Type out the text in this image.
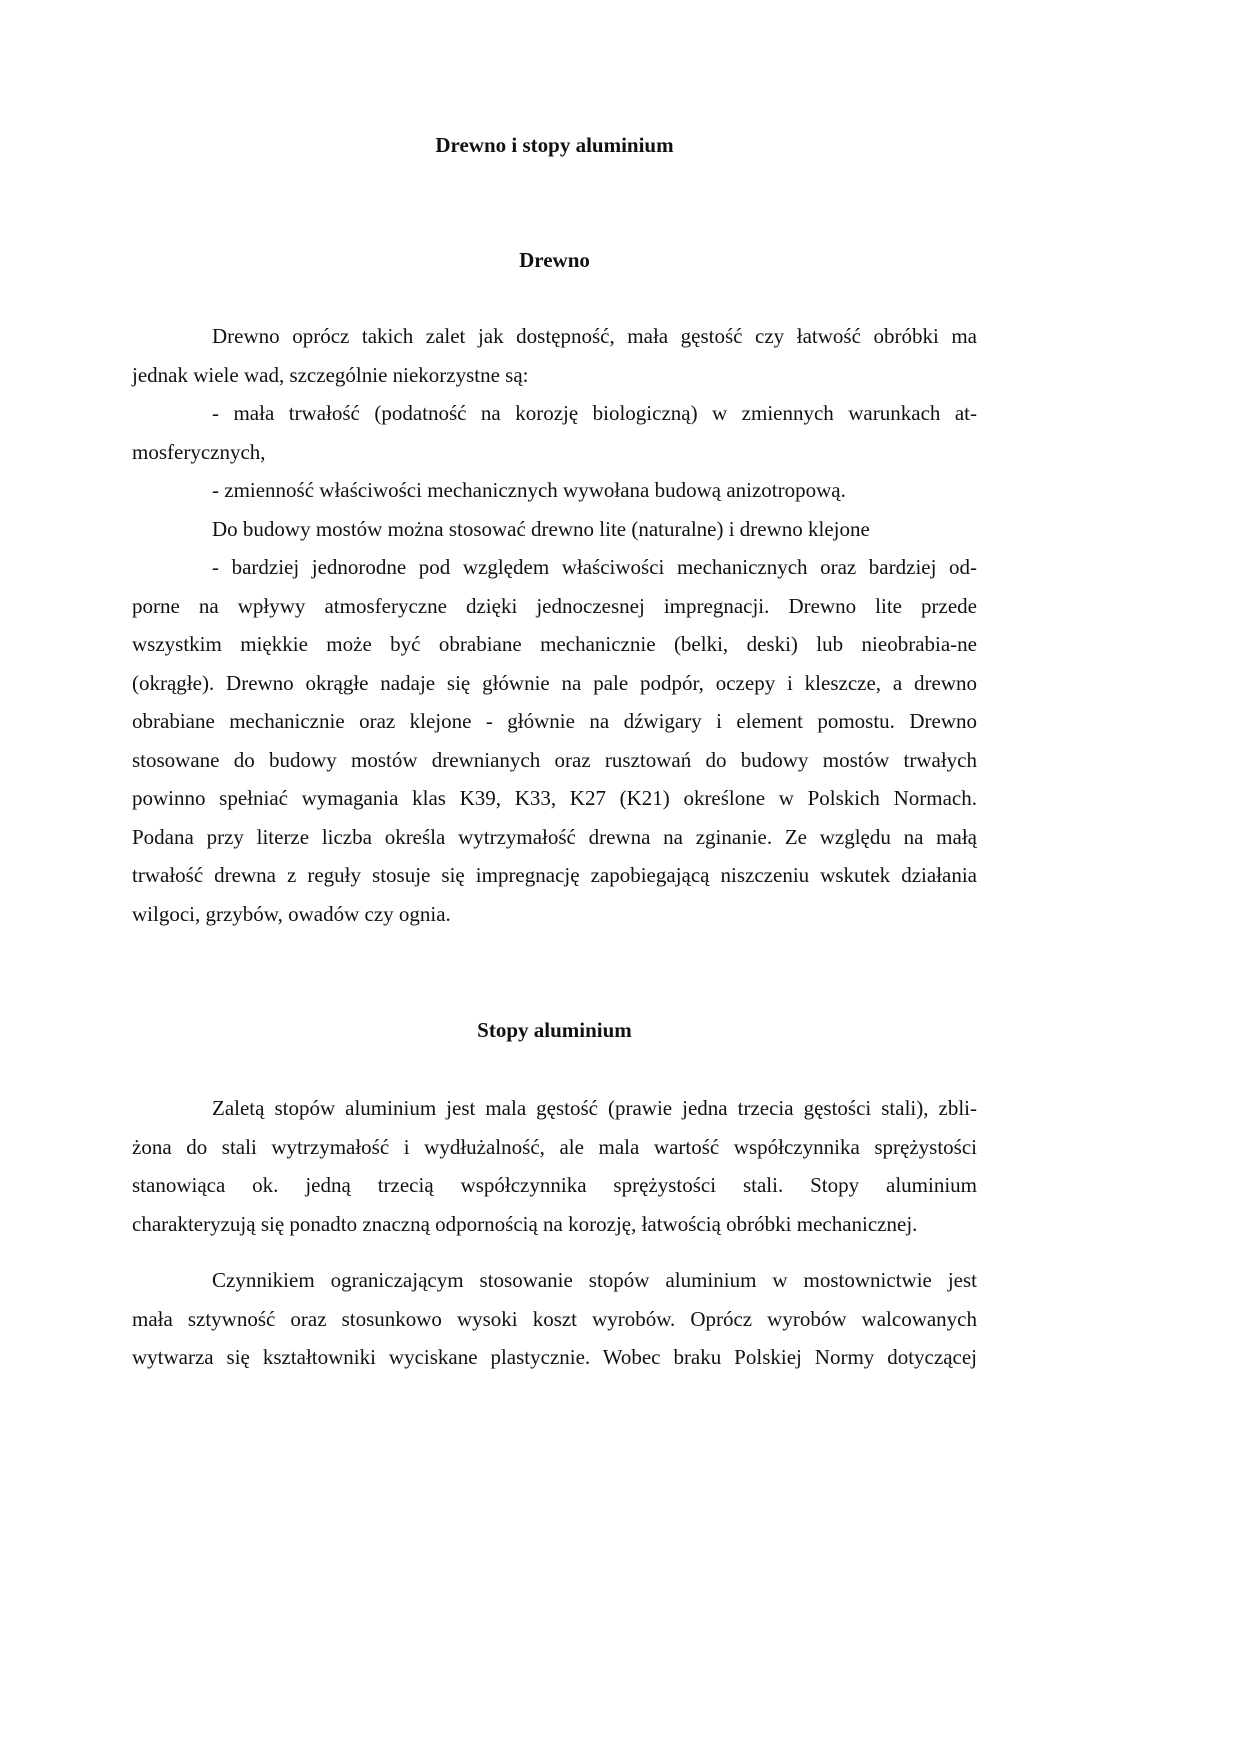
Drewno i stopy aluminium
Drewno
Drewno oprócz takich zalet jak dostępność, mała gęstość czy łatwość obróbki ma
jednak wiele wad, szczególnie niekorzystne są:
- mała trwałość (podatność na korozję biologiczną) w zmiennych warunkach at-
mosferycznych,
- zmienność właściwości mechanicznych wywołana budową anizotropową.
Do budowy mostów można stosować drewno lite (naturalne) i drewno klejone
- bardziej jednorodne pod względem właściwości mechanicznych oraz bardziej od-
porne na wpływy atmosferyczne dzięki jednoczesnej impregnacji. Drewno lite przede
wszystkim miękkie może być obrabiane mechanicznie (belki, deski) lub nieobrabia-ne
(okrągłe). Drewno okrągłe nadaje się głównie na pale podpór, oczepy i kleszcze, a drewno
obrabiane mechanicznie oraz klejone - głównie na dźwigary i element pomostu. Drewno
stosowane do budowy mostów drewnianych oraz rusztowań do budowy mostów trwałych
powinno spełniać wymagania klas K39, K33, K27 (K21) określone w Polskich Normach.
Podana przy literze liczba określa wytrzymałość drewna na zginanie. Ze względu na małą
trwałość drewna z reguły stosuje się impregnację zapobiegającą niszczeniu wskutek działania
wilgoci, grzybów, owadów czy ognia.
Stopy aluminium
Zaletą stopów aluminium jest mala gęstość (prawie jedna trzecia gęstości stali), zbli-
żona do stali wytrzymałość i wydłużalność, ale mala wartość współczynnika sprężystości
stanowiąca ok. jedną trzecią współczynnika sprężystości stali. Stopy aluminium
charakteryzują się ponadto znaczną odpornością na korozję, łatwością obróbki mechanicznej.
Czynnikiem ograniczającym stosowanie stopów aluminium w mostownictwie jest
mała sztywność oraz stosunkowo wysoki koszt wyrobów. Oprócz wyrobów walcowanych
wytwarza się kształtowniki wyciskane plastycznie. Wobec braku Polskiej Normy dotyczącej
